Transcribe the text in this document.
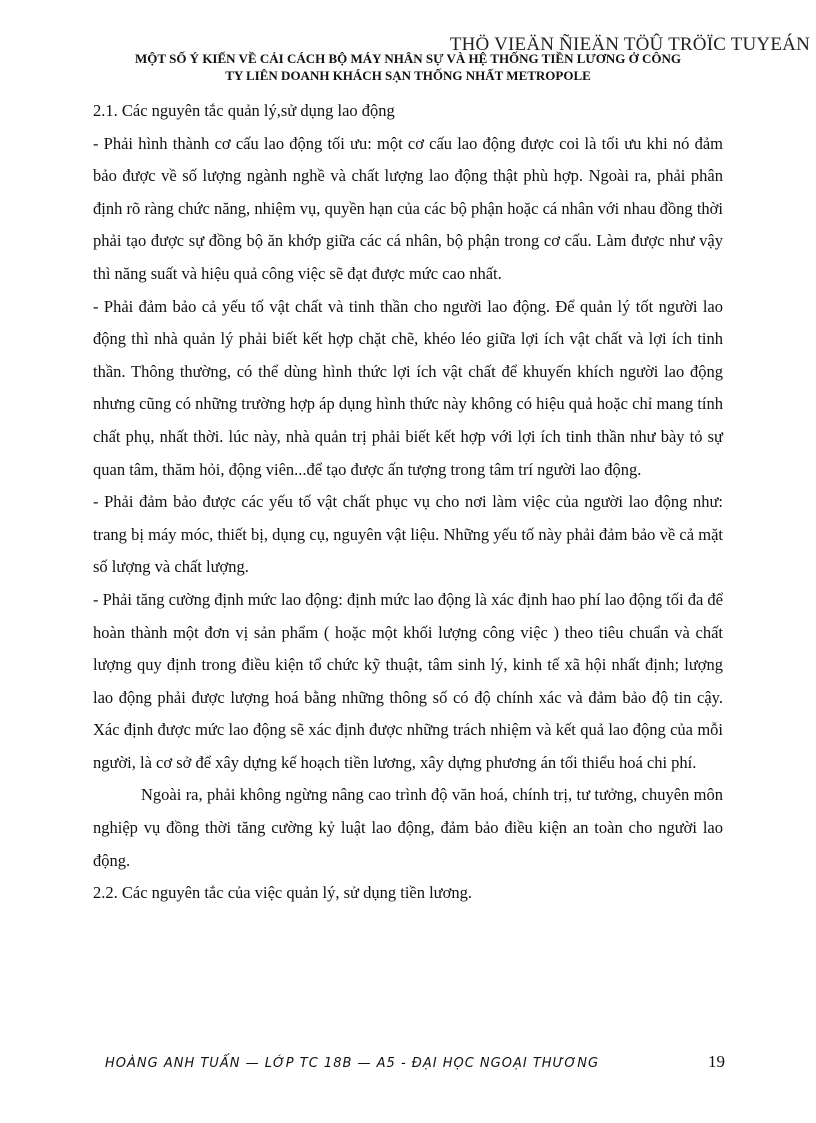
THÖ VIEÄN ÑIEÄN TÖÛ TRÖÏC TUYEÁN
MỘT SỐ Ý KIẾN VỀ CẢI CÁCH BỘ MÁY NHÂN SỰ VÀ HỆ THỐNG TIỀN LƯƠNG Ở CÔNG
TY LIÊN DOANH KHÁCH SẠN THỐNG NHẤT METROPOLE

2.1. Các nguyên tắc quản lý,sử dụng lao động

- Phải hình thành cơ cấu lao động tối ưu: một cơ cấu lao động được coi là tối ưu khi nó đảm bảo được về số lượng ngành nghề và chất lượng lao động thật phù hợp. Ngoài ra, phải phân định rõ ràng chức năng, nhiệm vụ, quyền hạn của các bộ phận hoặc cá nhân với nhau đồng thời phải tạo được sự đồng bộ ăn khớp giữa các cá nhân, bộ phận trong cơ cấu. Làm được như vậy thì năng suất và hiệu quả công việc sẽ đạt được mức cao nhất.

- Phải đảm bảo cả yếu tố vật chất và tinh thần cho người lao động. Để quản lý tốt người lao động thì nhà quản lý phải biết kết hợp chặt chẽ, khéo léo giữa lợi ích vật chất và lợi ích tinh thần. Thông thường, có thể dùng hình thức lợi ích vật chất để khuyến khích người lao động nhưng cũng có những trường hợp áp dụng hình thức này không có hiệu quả hoặc chỉ mang tính chất phụ, nhất thời. lúc này, nhà quản trị phải biết kết hợp với lợi ích tinh thần như bày tỏ sự quan tâm, thăm hỏi, động viên...để tạo được ấn tượng trong tâm trí người lao động.

- Phải đảm bảo được các yếu tố vật chất phục vụ cho nơi làm việc của người lao động như: trang bị máy móc, thiết bị, dụng cụ, nguyên vật liệu. Những yếu tố này phải đảm bảo về cả mặt số lượng và chất lượng.

- Phải tăng cường định mức lao động: định mức lao động là xác định hao phí lao động tối đa để hoàn thành một đơn vị sản phẩm ( hoặc một khối lượng công việc ) theo tiêu chuẩn và chất lượng quy định trong điều kiện tổ chức kỹ thuật, tâm sinh lý, kinh tế xã hội nhất định; lượng lao động phải được lượng hoá bằng những thông số có độ chính xác và đảm bảo độ tin cậy. Xác định được mức lao động sẽ xác định được những trách nhiệm và kết quả lao động của mỗi người, là cơ sở để xây dựng kế hoạch tiền lương, xây dựng phương án tối thiểu hoá chi phí.

Ngoài ra, phải không ngừng nâng cao trình độ văn hoá, chính trị, tư tưởng, chuyên môn nghiệp vụ đồng thời tăng cường kỷ luật lao động, đảm bảo điều kiện an toàn cho người lao động.

2.2. Các nguyên tắc của việc quản lý, sử dụng tiền lương.

HOÀNG ANH TUẤN — LỚP TC 18B — A5 - ĐẠI HỌC NGOẠI THƯƠNG	19
